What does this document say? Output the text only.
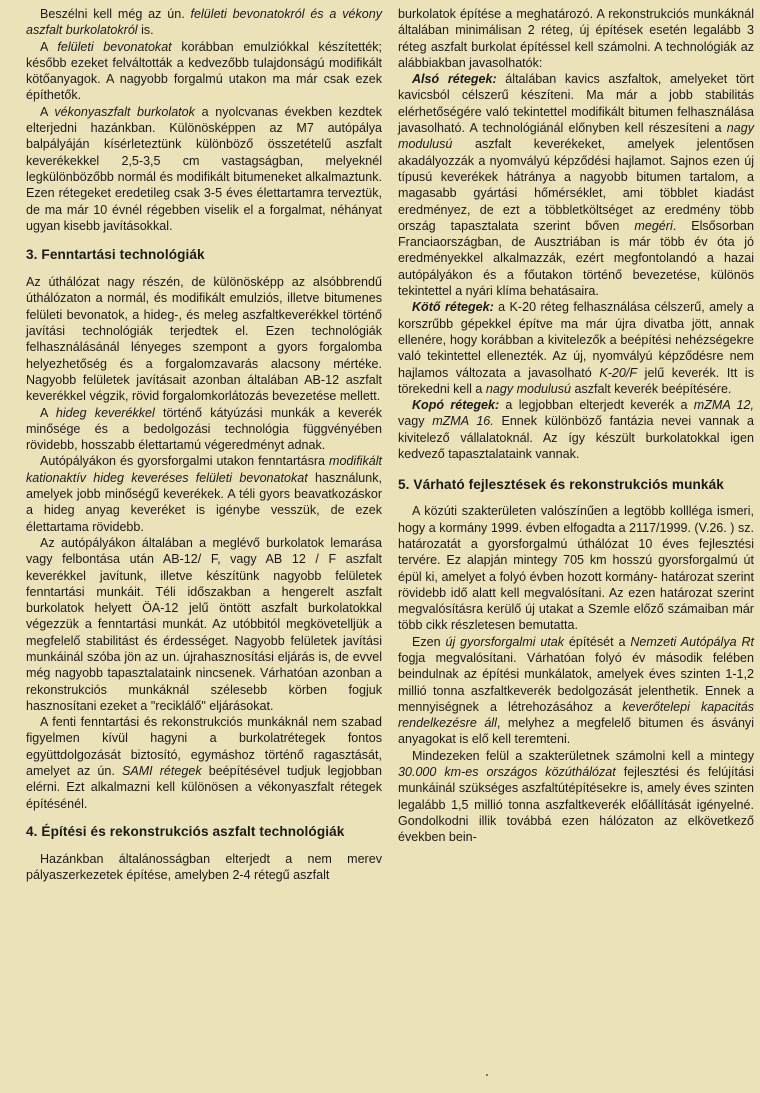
Beszélni kell még az ún. felületi bevonatokról és a vékony aszfalt burkolatokról is.

A felületi bevonatokat korábban emulziókkal készítették; később ezeket felváltották a kedvezőbb tulajdonságú modifikált kötőanyagok. A nagyobb forgalmú utakon ma már csak ezek építhetők.

A vékonyaszfalt burkolatok a nyolcvanas években kezdtek elterjedni hazánkban. Különösképpen az M7 autópálya balpályáján kísérleteztünk különböző összetételű aszfalt keverékekkel 2,5-3,5 cm vastagságban, melyeknél legkülönbözőbb normál és modifikált bitumeneket alkalmaztunk. Ezen rétegeket eredetileg csak 3-5 éves élettartamra terveztük, de ma már 10 évnél régebben viselik el a forgalmat, néhányat ugyan kisebb javításokkal.

3. Fenntartási technológiák

Az úthálózat nagy részén, de különösképp az alsóbbrendű úthálózaton a normál, és modifikált emulziós, illetve bitumenes felületi bevonatok, a hideg-, és meleg aszfaltkeverékkel történő javítási technológiák terjedtek el. Ezen technológiák felhasználásánál lényeges szempont a gyors forgalomba helyezhetőség és a forgalomzavarás alacsony mértéke. Nagyobb felületek javításait azonban általában AB-12 aszfalt keverékkel végzik, rövid forgalomkorlátozás bevezetése mellett.

A hideg keverékkel történő kátyúzási munkák a keverék minősége és a bedolgozási technológia függvényében rövidebb, hosszabb élettartamú végeredményt adnak.

Autópályákon és gyorsforgalmi utakon fenntartásra modifikált kationaktív hideg keveréses felületi bevonatokat használunk, amelyek jobb minőségű keverékek. A téli gyors beavatkozáskor a hideg anyag keveréket is igénybe vesszük, de ezek élettartama rövidebb.

Az autópályákon általában a meglévő burkolatok lemarása vagy felbontása után AB-12/ F, vagy AB 12 / F aszfalt keverékkel javítunk, illetve készítünk nagyobb felületek fenntartási munkáit. Téli időszakban a hengerelt aszfalt burkolatok helyett ÖA-12 jelű öntött aszfalt burkolatokkal végezzük a fenntartási munkát. Az utóbbitól megkövetelljük a megfelelő stabilitást és érdességet. Nagyobb felületek javítási munkáinál szóba jön az un. újrahasznosítási eljárás is, de evvel még nagyobb tapasztalataink nincsenek. Várhatóan azonban a rekonstrukciós munkáknál szélesebb körben fogjuk hasznosítani ezeket a "reciklálő" eljárásokat.

A fenti fenntartási és rekonstrukciós munkáknál nem szabad figyelmen kívül hagyni a burkolatrétegek fontos együttdolgozását biztosító, egymáshoz történő ragasztását, amelyet az ún. SAMI rétegek beépítésével tudjuk legjobban elérni. Ezt alkalmazni kell különösen a vékonyaszfalt rétegek építésénél.

4. Építési és rekonstrukciós aszfalt technológiák

Hazánkban általánosságban elterjedt a nem merev pályaszerkezetek építése, amelyben 2-4 rétegű aszfalt

burkolatok építése a meghatározó. A rekonstrukciós munkáknál általában minimálisan 2 réteg, új építések esetén legalább 3 réteg aszfalt burkolat építéssel kell számolni. A technológiák az alábbiakban javasolhatók:

Alsó rétegek: általában kavics aszfaltok, amelyeket tört kavicsból célszerű készíteni. Ma már a jobb stabilitás elérhetőségére való tekintettel modifikált bitumen felhasználása javasolható. A technológiánál előnyben kell részesíteni a nagy modulusú aszfalt keverékeket, amelyek jelentősen akadályozzák a nyomvályú képződési hajlamot. Sajnos ezen új típusú keverékek hátránya a nagyobb bitumen tartalom, a magasabb gyártási hőmérséklet, ami többlet kiadást eredményez, de ezt a többletköltséget az eredmény több ország tapasztalata szerint bőven megéri. Elsősorban Franciaországban, de Ausztriában is már több év óta jó eredményekkel alkalmazzák, ezért megfontolandó a hazai autópályákon és a főutakon történő bevezetése, különös tekintettel a nyári klíma behatásaira.

Kötő rétegek: a K-20 réteg felhasználása célszerű, amely a korszrűbb gépekkel építve ma már újra divatba jött, annak ellenére, hogy korábban a kivitelezők a beépítési nehézségekre való tekintettel ellenezték. Az új, nyomvályú képződésre nem hajlamos változata a javasolható K-20/F jelű keverék. Itt is törekedni kell a nagy modulusú aszfalt keverék beépítésére.

Kopó rétegek: a legjobban elterjedt keverék a mZMA 12, vagy mZMA 16. Ennek különböző fantázia nevei vannak a kivitelező vállalatoknál. Az így készült burkolatokkal igen kedvező tapasztalataink vannak.

5. Várható fejlesztések és rekonstrukciós munkák

A közúti szakterületen valószínűen a legtöbb kollléga ismeri, hogy a kormány 1999. évben elfogadta a 2117/1999. (V.26. ) sz. határozatát a gyorsforgalmú úthálózat 10 éves fejlesztési tervére. Ez alapján mintegy 705 km hosszú gyorsforgalmú út épül ki, amelyet a folyó évben hozott kormány- határozat szerint rövidebb idő alatt kell megvalósítani. Az ezen határozat szerint megvalósításra kerülő új utakat a Szemle előző számaiban már több cikk részletesen bemutatta.

Ezen új gyorsforgalmi utak építését a Nemzeti Autópálya Rt fogja megvalósítani. Várhatóan folyó év második felében beindulnak az építési munkálatok, amelyek éves szinten 1-1,2 millió tonna aszfaltkeverék bedolgozását jelenthetik. Ennek a mennyiségnek a létrehozásához a keverőtelepi kapacitás rendelkezésre áll, melyhez a megfelelő bitumen és ásványi anyagokat is elő kell teremteni.

Mindezeken felül a szakterületnek számolni kell a mintegy 30.000 km-es országos közúthálózat fejlesztési és felújítási munkáinál szükséges aszfaltútépítésekre is, amely éves szinten legalább 1,5 millió tonna aszfaltkeverék előállítását igényelné. Gondolkodni illik továbbá ezen hálózaton az elkövetkező években bein-
